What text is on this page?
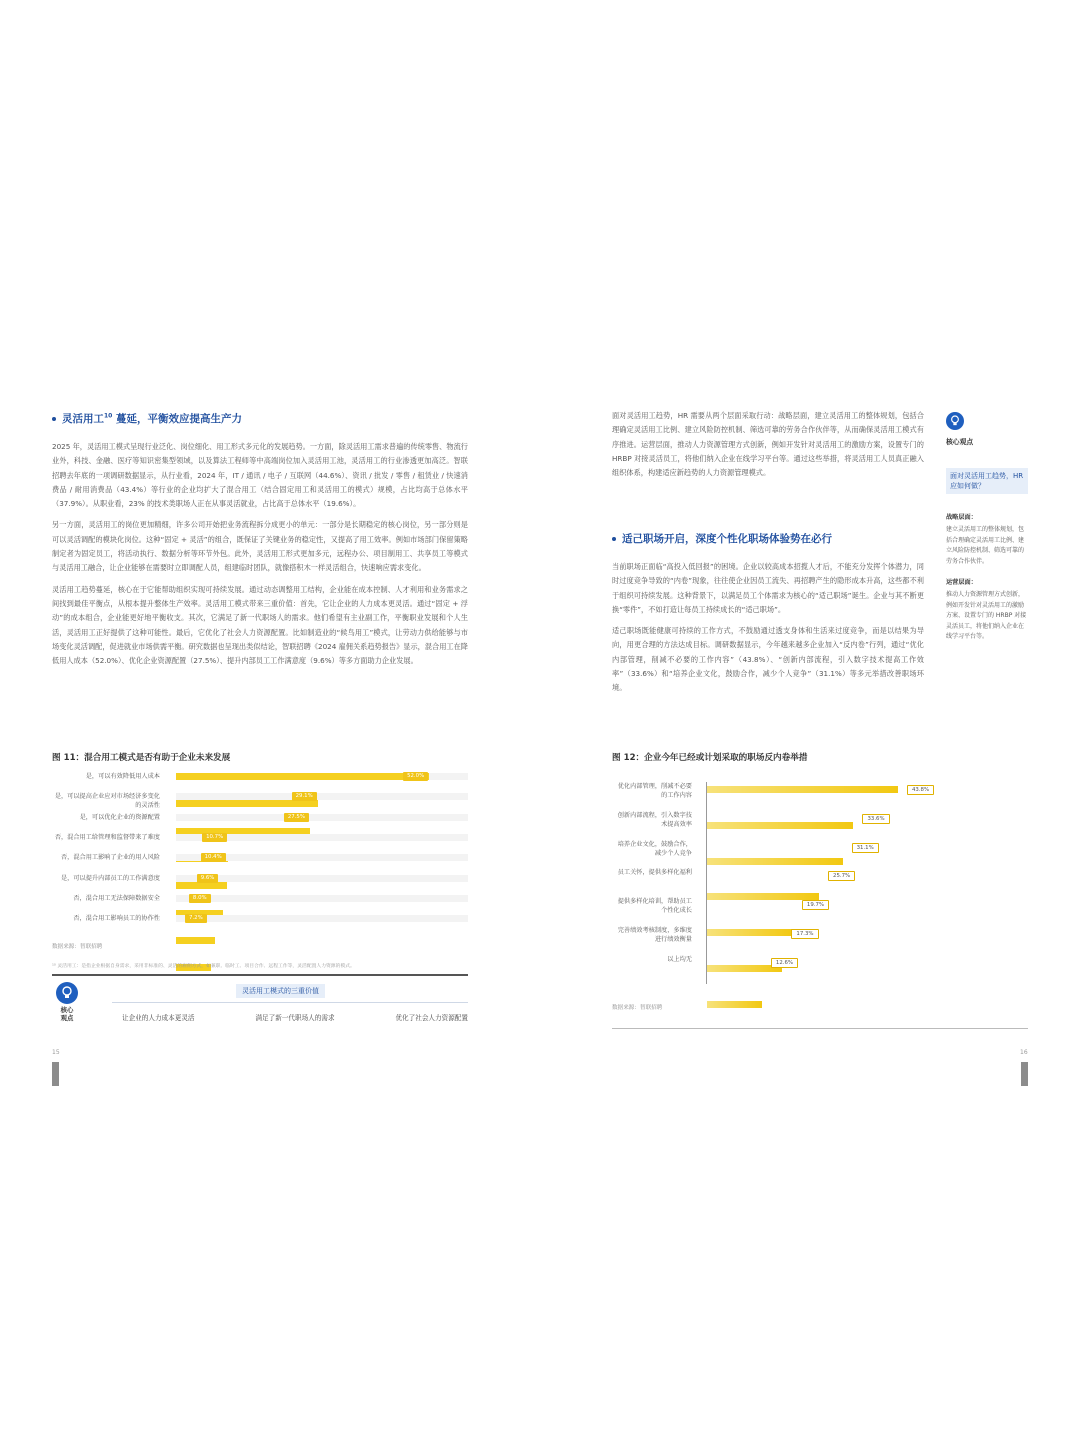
灵活用工$^{10}$ 蔓延，平衡效应提高生产力

2025 年，灵活用工模式呈现行业泛化、岗位细化、用工形式多元化的发展趋势。一方面，除灵活用工需求普遍的传统零售、物流行业外，科技、金融、医疗等知识密集型领域，以及算法工程师等中高端岗位加入灵活用工池，灵活用工的行业渗透更加高泛。智联招聘去年底的一项调研数据显示，从行业看，2024 年，IT / 通讯 / 电子 / 互联网（44.6%）、资讯 / 批发 / 零售 / 租赁业 / 快速消费品 / 耐用消费品（43.4%）等行业的企业均扩大了混合用工（结合固定用工和灵活用工的模式）规模，占比均高于总体水平（37.9%）。从职业看，23% 的技术类职场人正在从事灵活就业，占比高于总体水平（19.6%）。

另一方面，灵活用工的岗位更加精细，许多公司开始把业务流程拆分成更小的单元：一部分是长期稳定的核心岗位，另一部分则是可以灵活调配的模块化岗位。这种“固定 + 灵活”的组合，既保证了关键业务的稳定性，又提高了用工效率。例如市场部门保留策略制定者为固定员工，将活动执行、数据分析等环节外包。此外，灵活用工形式更加多元，远程办公、项目制用工、共享员工等模式与灵活用工融合，让企业能够在需要时立即调配人员，组建临时团队，就像搭积木一样灵活组合，快速响应需求变化。

灵活用工趋势蔓延，核心在于它能帮助组织实现可持续发展。通过动态调整用工结构，企业能在成本控制、人才利用和业务需求之间找到最佳平衡点，从根本提升整体生产效率。灵活用工模式带来三重价值：首先，它让企业的人力成本更灵活。通过“固定 + 浮动”的成本组合，企业能更好地平衡收支。其次，它满足了新一代职场人的需求。他们希望有主业副工作，平衡职业发展和个人生活，灵活用工正好提供了这种可能性。最后，它优化了社会人力资源配置。比如制造业的“候鸟用工”模式，让劳动力供给能够与市场变化灵活调配，促进就业市场供需平衡。研究数据也呈现出类似结论，智联招聘《2024 雇佣关系趋势报告》显示，混合用工在降低用人成本（52.0%）、优化企业资源配置（27.5%）、提升内部员工工作满意度（9.6%）等多方面助力企业发展。

图 11：混合用工模式是否有助于企业未来发展
是，可以有效降低用人成本	52.0%
是，可以提高企业应对市场经济多变化的灵活性
29.1%
是，可以优化企业的资源配置	27.5%
否，混合用工给管理和监督带来了难度	10.7%
否，混合用工影响了企业的用人风险	10.4%
是，可以提升内部员工的工作满意度	9.6%
否，混合用工无法保障数据安全	8.0%
否，混合用工影响员工的协作性	7.2%
数据来源：智联招聘
¹⁰ 灵活用工：是指企业根据自身需求，采用非标准的、灵活的雇佣方式，如兼职、临时工、项目合作、远程工作等，灵活配置人力资源的模式。
核心
观点
灵活用工模式的三重价值
让企业的人力成本更灵活	满足了新一代职场人的需求	优化了社会人力资源配置
15

面对灵活用工趋势，HR 需要从两个层面采取行动：战略层面，建立灵活用工的整体规划，包括合理确定灵活用工比例、建立风险防控机制、筛选可靠的劳务合作伙伴等，从而确保灵活用工模式有序推进。运营层面，推动人力资源管理方式创新，例如开发针对灵活用工的激励方案，设置专门的 HRBP 对接灵活员工，将他们纳入企业在线学习平台等。通过这些举措，将灵活用工人员真正融入组织体系，构建适应新趋势的人力资源管理模式。

适己职场开启，深度个性化职场体验势在必行

当前职场正面临“高投入低回报”的困境。企业以较高成本招揽人才后，不能充分发挥个体潜力，同时过度竞争导致的“内卷”现象，往往使企业因员工流失、再招聘产生的隐形成本升高，这些都不利于组织可持续发展。这种背景下，以满足员工个体需求为核心的“适己职场”诞生。企业与其不断更换“零件”，不如打造让每员工持续成长的“适己职场”。

适己职场既能健康可持续的工作方式，不鼓励通过透支身体和生活来过度竞争，而是以结果为导向，用更合理的方法达成目标。调研数据显示，今年越来越多企业加入“反内卷”行列，通过“优化内部管理，削减不必要的工作内容”（43.8%）、“创新内部流程，引入数字技术提高工作效率”（33.6%）和“培养企业文化，鼓励合作，减少个人竞争”（31.1%）等多元举措改善职场环境。

图 12：企业今年已经或计划采取的职场反内卷举措
优化内部管理，削减不必要的工作内容
43.8%
创新内部流程，引入数字技术提高效率
33.6%
培养企业文化，鼓励合作，减少个人竞争
31.1%
员工关怀，提供多样化福利	25.7%
提供多样化培训，帮助员工个性化成长
19.7%
完善绩效考核制度，多维度进行绩效衡量
17.3%
以上均无	12.6%
数据来源：智联招聘
核心观点
面对灵活用工趋势，HR 应如何做？
战略层面：
建立灵活用工的整体规划，包括合理确定灵活用工比例、建立风险防控机制、筛选可靠的劳务合作伙伴。
运营层面：
推动人力资源管理方式创新，例如开发针对灵活用工的激励方案、设置专门的 HRBP 对接灵活员工，将他们纳入企业在线学习平台等。
16
